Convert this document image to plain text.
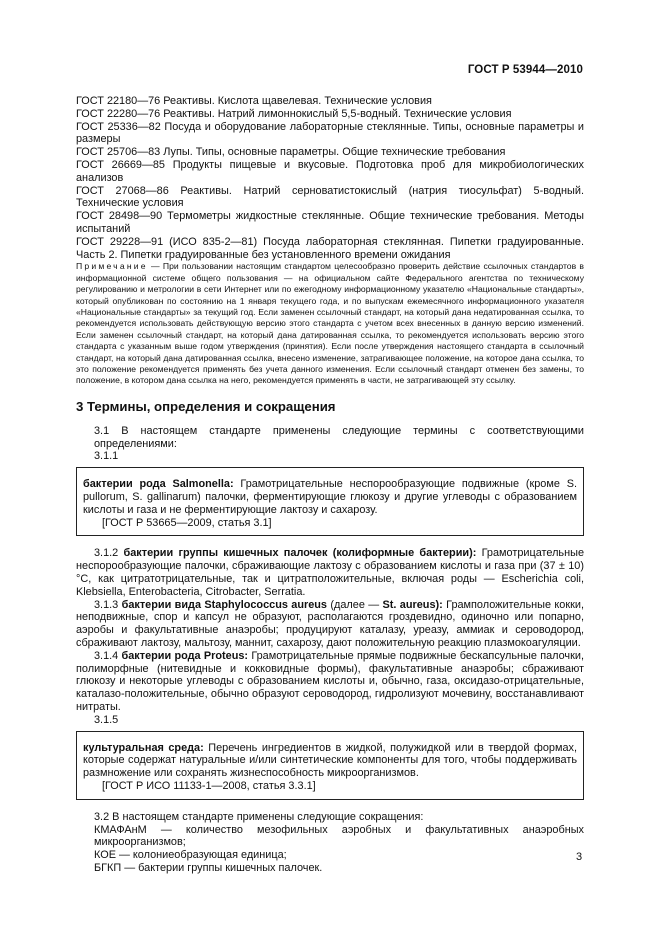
ГОСТ Р 53944—2010

ГОСТ 22180—76 Реактивы. Кислота щавелевая. Технические условия

ГОСТ 22280—76 Реактивы. Натрий лимоннокислый 5,5-водный. Технические условия

ГОСТ 25336—82 Посуда и оборудование лабораторные стеклянные. Типы, основные параметры и размеры

ГОСТ 25706—83 Лупы. Типы, основные параметры. Общие технические требования

ГОСТ 26669—85 Продукты пищевые и вкусовые. Подготовка проб для микробиологических анализов

ГОСТ 27068—86 Реактивы. Натрий серноватистокислый (натрия тиосульфат) 5-водный. Технические условия

ГОСТ 28498—90 Термометры жидкостные стеклянные. Общие технические требования. Методы испытаний

ГОСТ 29228—91 (ИСО 835-2—81) Посуда лабораторная стеклянная. Пипетки градуированные. Часть 2. Пипетки градуированные без установленного времени ожидания

Примечание — При пользовании настоящим стандартом целесообразно проверить действие ссылочных стандартов в информационной системе общего пользования — на официальном сайте Федерального агентства по техническому регулированию и метрологии в сети Интернет или по ежегодному информационному указателю «Национальные стандарты», который опубликован по состоянию на 1 января текущего года, и по выпускам ежемесячного информационного указателя «Национальные стандарты» за текущий год. Если заменен ссылочный стандарт, на который дана недатированная ссылка, то рекомендуется использовать действующую версию этого стандарта с учетом всех внесенных в данную версию изменений. Если заменен ссылочный стандарт, на который дана датированная ссылка, то рекомендуется использовать версию этого стандарта с указанным выше годом утверждения (принятия). Если после утверждения настоящего стандарта в ссылочный стандарт, на который дана датированная ссылка, внесено изменение, затрагивающее положение, на которое дана ссылка, то это положение рекомендуется применять без учета данного изменения. Если ссылочный стандарт отменен без замены, то положение, в котором дана ссылка на него, рекомендуется применять в части, не затрагивающей эту ссылку.

3 Термины, определения и сокращения

3.1 В настоящем стандарте применены следующие термины с соответствующими определениями:

3.1.1

бактерии рода Salmonella: Грамотрицательные неспорообразующие подвижные (кроме S. pullorum, S. gallinarum) палочки, ферментирующие глюкозу и другие углеводы с образованием кислоты и газа и не ферментирующие лактозу и сахарозу.

[ГОСТ Р 53665—2009, статья 3.1]

3.1.2 бактерии группы кишечных палочек (колиформные бактерии): Грамотрицательные неспорообразующие палочки, сбраживающие лактозу с образованием кислоты и газа при (37 ± 10) °С, как цитратотрицательные, так и цитратположительные, включая роды — Escherichia coli, Klebsiella, Enterobacteria, Citrobacter, Serratia.

3.1.3 бактерии вида Staphylococcus aureus (далее — St. aureus): Грамположительные кокки, неподвижные, спор и капсул не образуют, располагаются гроздевидно, одиночно или попарно, аэробы и факультативные анаэробы; продуцируют каталазу, уреазу, аммиак и сероводород, сбраживают лактозу, мальтозу, маннит, сахарозу, дают положительную реакцию плазмокоагуляции.

3.1.4 бактерии рода Proteus: Грамотрицательные прямые подвижные бескапсульные палочки, полиморфные (нитевидные и кокковидные формы), факультативные анаэробы; сбраживают глюкозу и некоторые углеводы с образованием кислоты и, обычно, газа, оксидазо-отрицательные, каталазо-положительные, обычно образуют сероводород, гидролизуют мочевину, восстанавливают нитраты.

3.1.5

культуральная среда: Перечень ингредиентов в жидкой, полужидкой или в твердой формах, которые содержат натуральные и/или синтетические компоненты для того, чтобы поддерживать размножение или сохранять жизнеспособность микроорганизмов.

[ГОСТ Р ИСО 11133-1—2008, статья 3.3.1]

3.2 В настоящем стандарте применены следующие сокращения:

КМАФАнМ — количество мезофильных аэробных и факультативных анаэробных микроорганизмов;

КОЕ — колониеобразующая единица;

БГКП — бактерии группы кишечных палочек.

3
